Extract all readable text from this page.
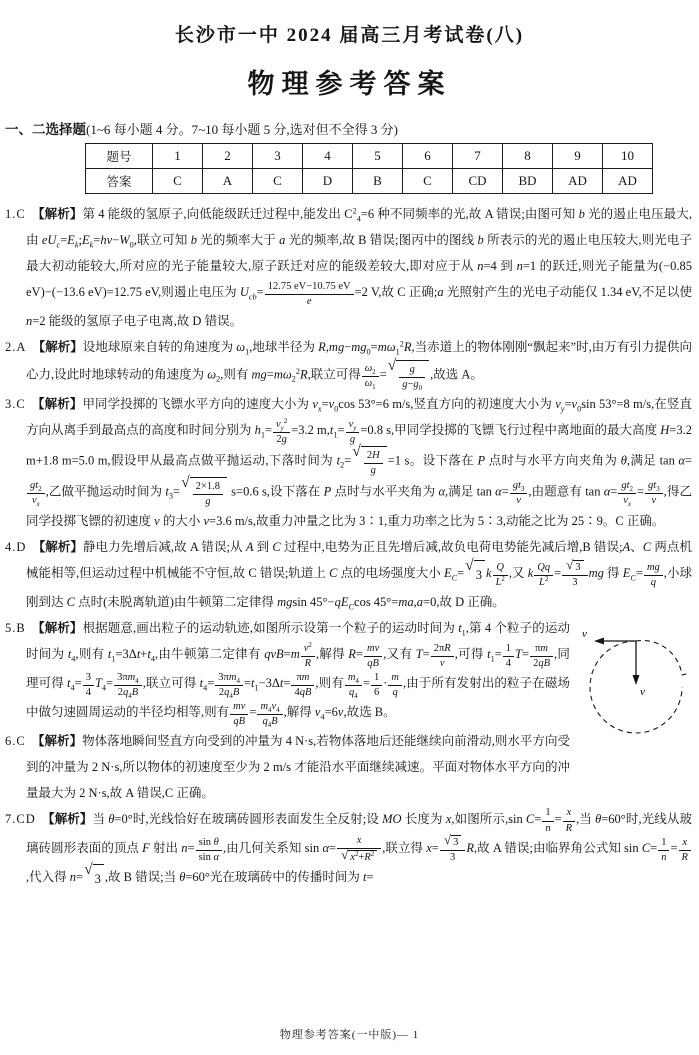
长沙市一中 2024 届高三月考试卷(八)
物理参考答案
一、二选择题(1~6 每小题 4 分。7~10 每小题 5 分,选对但不全得 3 分)
题号	1	2	3	4	5	6	7	8	9	10
答案	C	A	C	D	B	C	CD	BD	AD	AD
1.C  【解析】第 4 能级的氢原子,向低能级跃迁过程中,能发出 $C^2_4=6$ 种不同频率的光,故 A 错误;由图可知 b 光的遏止电压最大,由 $eU_c=E_k;E_k=h\nu-W_0$,联立可知 b 光的频率大于 a 光的频率,故 B 错误;图丙中的图线 b 所表示的光的遏止电压较大,则光电子最大初动能较大,所对应的光子能量较大,原子跃迁对应的能级差较大,即对应于从 n=4 到 n=1 的跃迁,则光子能量为(−0.85 eV)−(−13.6 eV)=12.75 eV,则遏止电压为 $U_{cb}= \frac{12.75 eV-10.75 eV}{e} =2$ V,故 C 正确;a 光照射产生的光电子动能仅 1.34 eV,不足以使 n=2 能级的氢原子电子电离,故 D 错误。
2.A  【解析】设地球原来自转的角速度为 $\omega_1$,地球半径为 $R,mg-mg_0=m\omega_1^2R$,当赤道上的物体刚刚“飘起来”时,由万有引力提供向心力,设此时地球转动的角速度为 $\omega_2$,则有 $mg=m\omega_2^2R$,联立可得 $\frac{\omega_2}{\omega_1}$ =
√ $\frac{g}{g-g_0}$ ,故选 A。
3.C  【解析】甲同学投掷的飞镖水平方向的速度大小为 $v_x=v_0\cos$ 53°=6 m/s,竖直方向的初速度大小为 $v_y=v_0\sin$ 53°=8 m/s,在竖直方向从离手到最高点的高度和时间分别为 $h_1= \frac{v_y^2}{2g} =3.2$ $m,t_1= \frac{v_y}{g} =0.8$ s,甲同学投掷的飞镖飞行过程中离地面的最大高度 H=3.2 m+1.8 m=5.0 m,假设甲从最高点做平抛运动,下落时间为 $t_2=$
√ $\frac{2H}{g} =1$ s。设下落在 P 点时与水平方向夹角为 θ,满足 tan α=
$\frac{gt_2}{v_x}$ ,乙做平抛运动时间为 $t_3=$
√ $\frac{2\times 1.8}{g} s=0.6$ s,设下落在 P 点时与水平夹角为 α,满足 $\tan \alpha= \frac{gt_3}{v}$ ,由题意有 $\tan \alpha= \frac{gt_2}{v_x} = \frac{gt_3}{v}$ ,得乙同学投掷飞镖的初速度 v 的大小 v=3.6 m/s,故重力冲量之比为 3∶1,重力功率之比为 5∶3,动能之比为 25∶9。C 正确。
4.D  【解析】静电力先增后减,故 A 错误;从 A 到 C 过程中,电势为正且先增后减,故负电荷电势能先减后增,B 错误;A、C 两点机械能相等,但运动过程中机械能不守恒,故 C 错误;轨道上 C 点的电场强度大小 $E_C=$ √
3 k $\frac{Q}{L^2}$ ,又 k $\frac{Qq}{L^2} = \frac{√ 3}{3}$ mg 得 $E_C= \frac{mg}{q}$ ,小球刚到达 C 点时(未脱离轨道)由牛顿第二定律得 mgsin $45^\circ-qE_C\cos$ 45°=ma,a=0,故 D 正确。
v
v
5.B  【解析】根据题意,画出粒子的运动轨迹,如图所示设第一个粒子的运动时间为 $t_1$,第 4 个粒子的运动时间为 $t_4$,则有 $t_1=3\Delta t+t_4$,由牛顿第二定律有 $qvB=m \frac{v^2}{R}$ ,解得 $R= \frac{mv}{qB}$ ,又有 $T= \frac{2\pi R}{v}$ ,可得 $t_1= \frac{1}{4} T= \frac{\pi m}{2qB}$ ,同理可得 $t_4= \frac{3}{4} T_4= \frac{3\pi m_4}{2q_4B}$ ,联立可得 $t_4= \frac{3\pi m_4}{2q_4B} =t_1-3\Delta t= \frac{\pi m}{4qB}$ ,则有 $\frac{m_4}{q_4} = \frac{1}{6} \cdot \frac{m}{q}$ ,由于所有发射出的粒子在磁场中做匀速圆周运动的半径均相等,则有 $\frac{mv}{qB} = \frac{m_4v_4}{q_4B}$ ,解得 $v_4=6v$,故选 B。
6.C  【解析】物体落地瞬间竖直方向受到的冲量为 4 N·s,若物体落地后还能继续向前滑动,则水平方向受到的冲量为 2 N·s,所以物体的初速度至少为 2 m/s 才能沿水平面继续减速。平面对物体水平方向的冲量最大为 2 N·s,故 A 错误,C 正确。
7.CD  【解析】当 θ=0°时,光线恰好在玻璃砖圆形表面发生全反射;设 MO 长度为 x,如图所示,sin $C= \frac{1}{n} = \frac{x}{R}$ ,当 θ=60°时,光线从玻璃砖圆形表面的顶点 F 射出 $n= \frac{\text{sin θ}}{\text{sin α}}$ ,由几何关系知 $\sin \alpha= \frac{x}{√ x^2+R^2}$ ,联立得 $x= \frac{√ 3}{3} R$,故 A 错误;由临界角公式知 $\sin C= \frac{1}{n} = \frac{x}{R}$
,代入得 n= √
3 ,故 B 错误;当 θ=60°光在玻璃砖中的传播时间为 t=
物理参考答案(一中版)— 1
